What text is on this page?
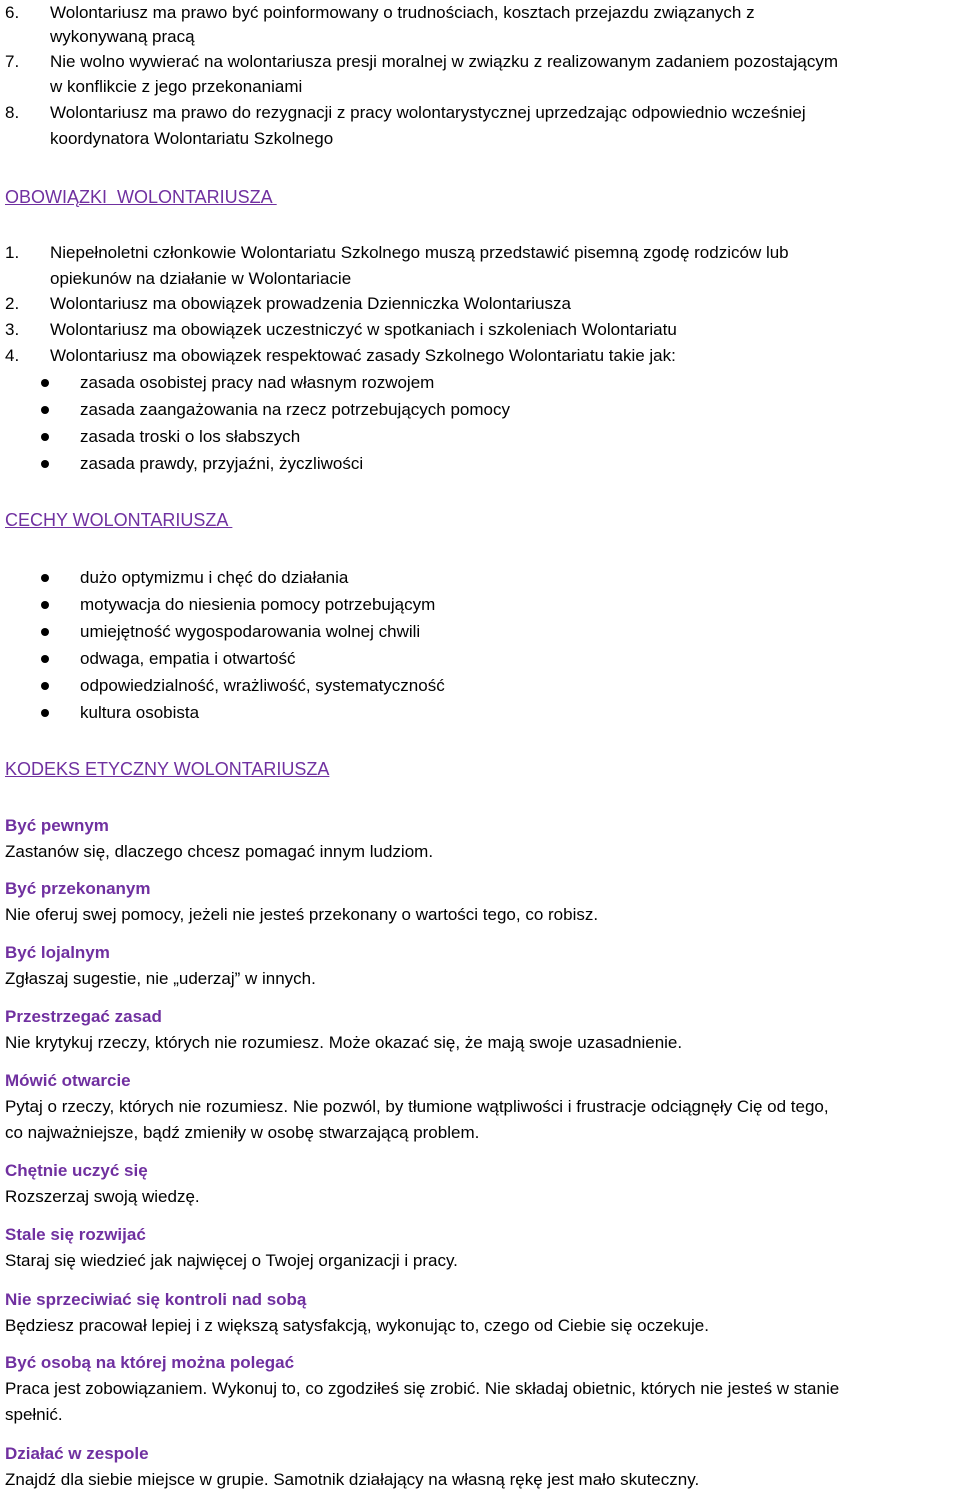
6. Wolontariusz ma prawo być poinformowany o trudnościach, kosztach przejazdu związanych z
wykonywaną pracą
7. Nie wolno wywierać na wolontariusza presji moralnej w związku z realizowanym zadaniem pozostającym
w konflikcie z jego przekonaniami
8. Wolontariusz ma prawo do rezygnacji z pracy wolontarystycznej uprzedzając odpowiednio wcześniej
koordynatora Wolontariatu Szkolnego
OBOWIĄZKI  WOLONTARIUSZA
1. Niepełnoletni członkowie Wolontariatu Szkolnego muszą przedstawić pisemną zgodę rodziców lub
opiekunów na działanie w Wolontariacie
2. Wolontariusz ma obowiązek prowadzenia Dzienniczka Wolontariusza
3. Wolontariusz ma obowiązek uczestniczyć w spotkaniach i szkoleniach Wolontariatu
4. Wolontariusz ma obowiązek respektować zasady Szkolnego Wolontariatu takie jak:
zasada osobistej pracy nad własnym rozwojem
zasada zaangażowania na rzecz potrzebujących pomocy
zasada troski o los słabszych
zasada prawdy, przyjaźni, życzliwości
CECHY WOLONTARIUSZA
dużo optymizmu i chęć do działania
motywacja do niesienia pomocy potrzebującym
umiejętność wygospodarowania wolnej chwili
odwaga, empatia i otwartość
odpowiedzialność, wrażliwość, systematyczność
kultura osobista
KODEKS ETYCZNY WOLONTARIUSZA
Być pewnym
Zastanów się, dlaczego chcesz pomagać innym ludziom.
Być przekonanym
Nie oferuj swej pomocy, jeżeli nie jesteś przekonany o wartości tego, co robisz.
Być lojalnym
Zgłaszaj sugestie, nie „uderzaj” w innych.
Przestrzegać zasad
Nie krytykuj rzeczy, których nie rozumiesz. Może okazać się, że mają swoje uzasadnienie.
Mówić otwarcie
Pytaj o rzeczy, których nie rozumiesz. Nie pozwól, by tłumione wątpliwości i frustracje odciągnęły Cię od tego,
co najważniejsze, bądź zmieniły w osobę stwarzającą problem.
Chętnie uczyć się
Rozszerzaj swoją wiedzę.
Stale się rozwijać
Staraj się wiedzieć jak najwięcej o Twojej organizacji i pracy.
Nie sprzeciwiać się kontroli nad sobą
Będziesz pracował lepiej i z większą satysfakcją, wykonując to, czego od Ciebie się oczekuje.
Być osobą na której można polegać
Praca jest zobowiązaniem. Wykonuj to, co zgodziłeś się zrobić. Nie składaj obietnic, których nie jesteś w stanie
spełnić.
Działać w zespole
Znajdź dla siebie miejsce w grupie. Samotnik działający na własną rękę jest mało skuteczny.
